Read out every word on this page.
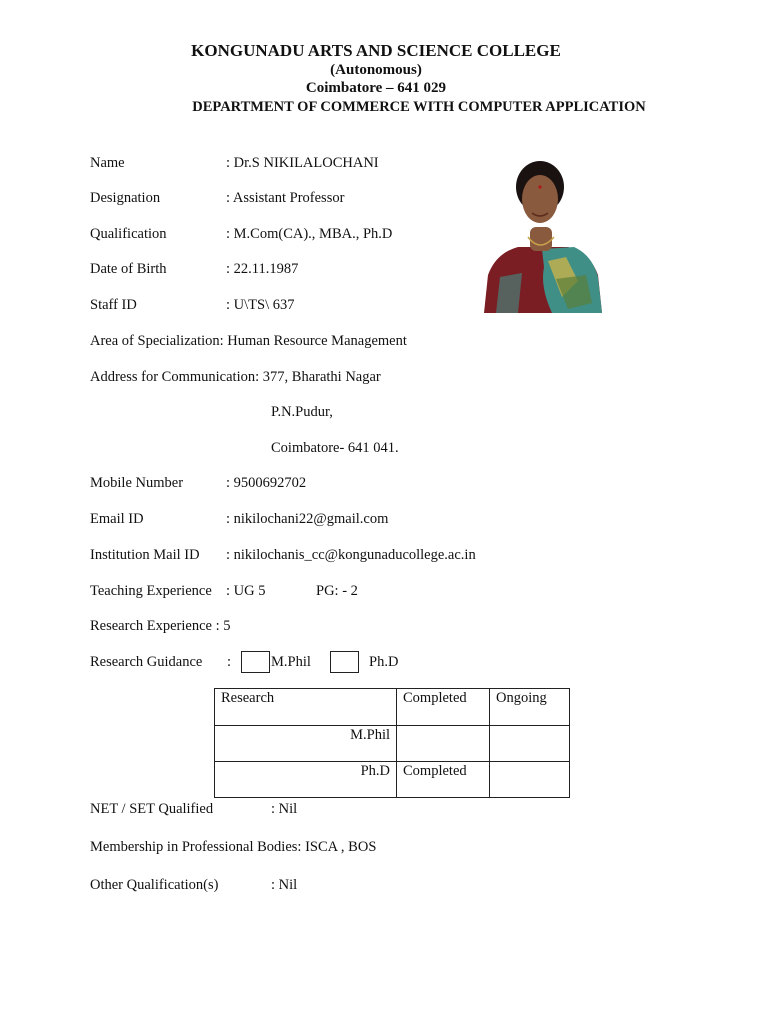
KONGUNADU ARTS AND SCIENCE COLLEGE
(Autonomous)
Coimbatore – 641 029
DEPARTMENT OF COMMERCE WITH COMPUTER APPLICATION
Name	: Dr.S NIKILALOCHANI
Designation	: Assistant Professor
Qualification	: M.Com(CA)., MBA., Ph.D
Date of Birth	: 22.11.1987
Staff ID	: U\TS\ 637
Area of Specialization: Human Resource Management
Address for Communication: 377, Bharathi Nagar
P.N.Pudur,
Coimbatore- 641 041.
Mobile Number	: 9500692702
Email ID	: nikilochani22@gmail.com
Institution Mail ID : nikilochanis_cc@kongunaducollege.ac.in
Teaching Experience : UG 5	PG: - 2
Research Experience : 5
Research Guidance :	M.Phil	Ph.D
Research	Completed	Ongoing
M.Phil		
Ph.D	Completed	
NET / SET Qualified	: Nil
Membership in Professional Bodies: ISCA , BOS
Other Qualification(s)	: Nil
